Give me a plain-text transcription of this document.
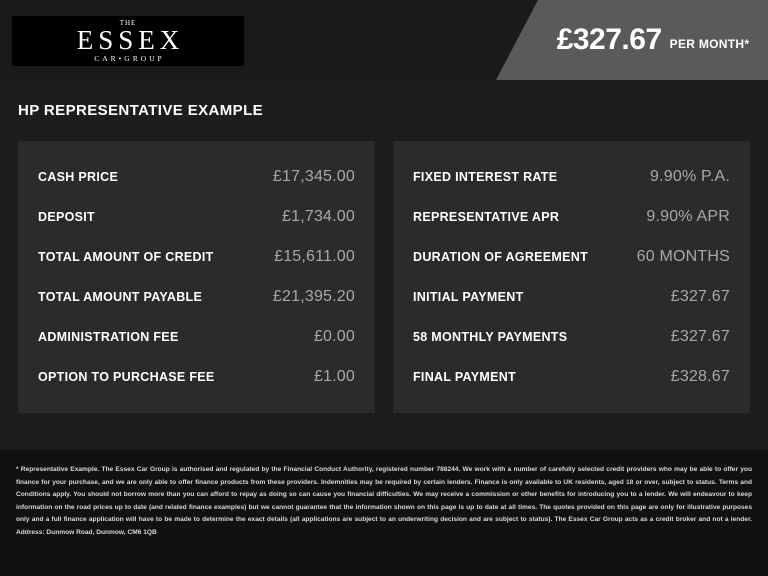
THE
ESSEX
CAR•GROUP
£327.67 PER MONTH*
HP REPRESENTATIVE EXAMPLE
CASH PRICE	£17,345.00
DEPOSIT	£1,734.00
TOTAL AMOUNT OF CREDIT	£15,611.00
TOTAL AMOUNT PAYABLE	£21,395.20
ADMINISTRATION FEE	£0.00
OPTION TO PURCHASE FEE	£1.00
FIXED INTEREST RATE	9.90% P.A.
REPRESENTATIVE APR	9.90% APR
DURATION OF AGREEMENT	60 MONTHS
INITIAL PAYMENT	£327.67
58 MONTHLY PAYMENTS	£327.67
FINAL PAYMENT	£328.67

* Representative Example. The Essex Car Group is authorised and regulated by the Financial Conduct Authority, registered number 788244. We work with a number of carefully selected credit providers who may be able to offer you finance for your purchase, and we are only able to offer finance products from these providers. Indemnities may be required by certain lenders. Finance is only available to UK residents, aged 18 or over, subject to status. Terms and Conditions apply. You should not borrow more than you can afford to repay as doing so can cause you financial difficulties. We may receive a commission or other benefits for introducing you to a lender. We will endeavour to keep information on the road prices up to date (and related finance examples) but we cannot guarantee that the information shown on this page is up to date at all times. The quotes provided on this page are only for illustrative purposes only and a full finance application will have to be made to determine the exact details (all applications are subject to an underwriting decision and are subject to status). The Essex Car Group acts as a credit broker and not a lender. Address: Dunmow Road, Dunmow, CM6 1QB
